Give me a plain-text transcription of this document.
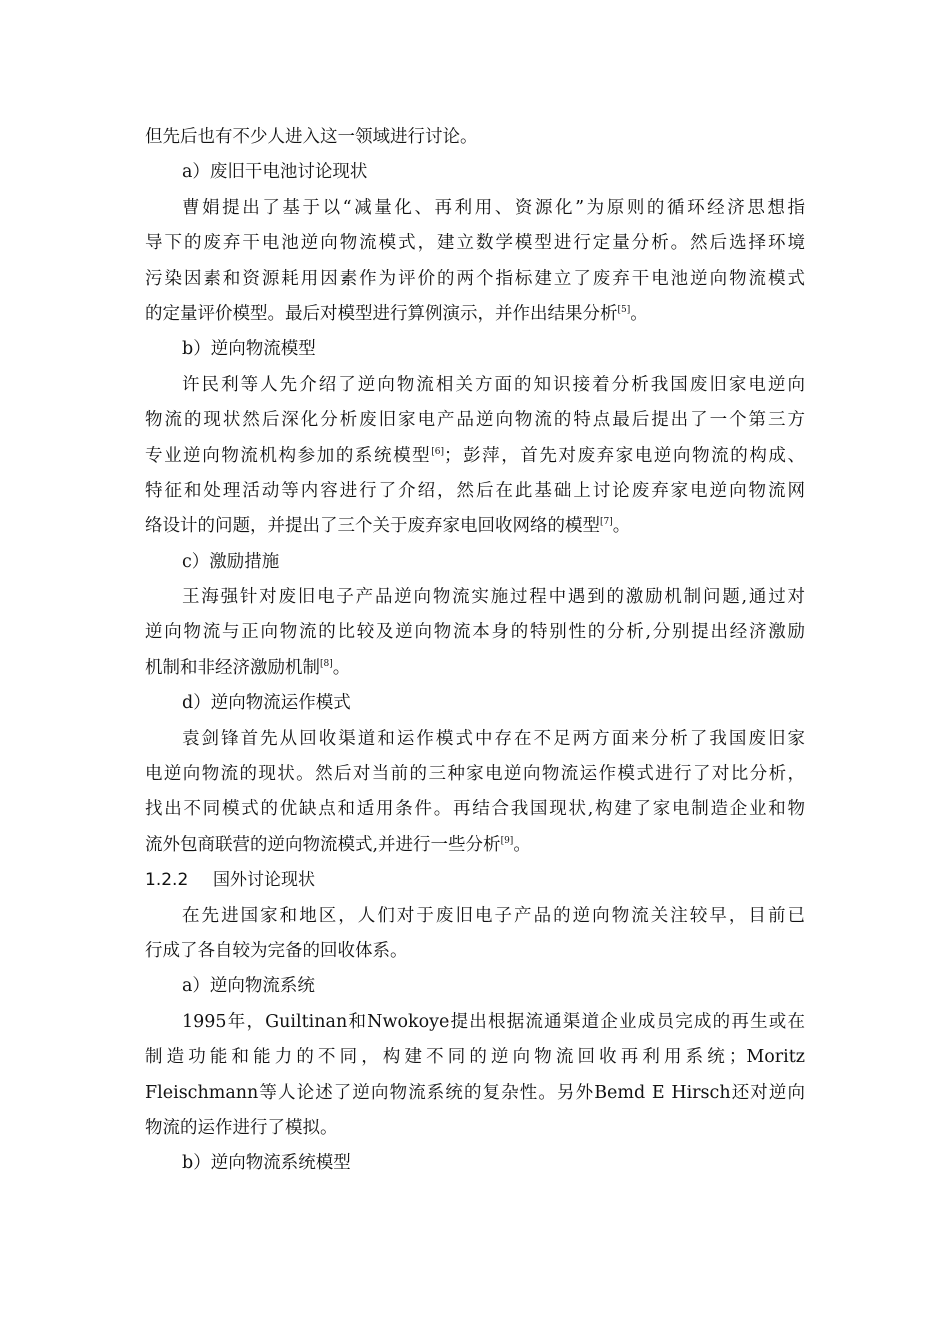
但先后也有不少人进入这一领域进行讨论。
a）废旧干电池讨论现状
曹娟提出了基于以“减量化、再利用、资源化”为原则的循环经济思想指
导下的废弃干电池逆向物流模式，建立数学模型进行定量分析。然后选择环境
污染因素和资源耗用因素作为评价的两个指标建立了废弃干电池逆向物流模式
的定量评价模型。最后对模型进行算例演示，并作出结果分析[5]。
b）逆向物流模型
许民利等人先介绍了逆向物流相关方面的知识接着分析我国废旧家电逆向
物流的现状然后深化分析废旧家电产品逆向物流的特点最后提出了一个第三方
专业逆向物流机构参加的系统模型[6]；彭萍，首先对废弃家电逆向物流的构成、
特征和处理活动等内容进行了介绍，然后在此基础上讨论废弃家电逆向物流网
络设计的问题，并提出了三个关于废弃家电回收网络的模型[7]。
c）激励措施
王海强针对废旧电子产品逆向物流实施过程中遇到的激励机制问题,通过对
逆向物流与正向物流的比较及逆向物流本身的特别性的分析,分别提出经济激励
机制和非经济激励机制[8]。
d）逆向物流运作模式
袁剑锋首先从回收渠道和运作模式中存在不足两方面来分析了我国废旧家
电逆向物流的现状。然后对当前的三种家电逆向物流运作模式进行了对比分析，
找出不同模式的优缺点和适用条件。再结合我国现状,构建了家电制造企业和物
流外包商联营的逆向物流模式,并进行一些分析[9]。
1.2.2 国外讨论现状
在先进国家和地区，人们对于废旧电子产品的逆向物流关注较早，目前已
行成了各自较为完备的回收体系。
a）逆向物流系统
1995年，Guiltinan和Nwokoye提出根据流通渠道企业成员完成的再生或在
制造功能和能力的不同，构建不同的逆向物流回收再利用系统；Moritz
Fleischmann等人论述了逆向物流系统的复杂性。另外Bemd E Hirsch还对逆向
物流的运作进行了模拟。
b）逆向物流系统模型
